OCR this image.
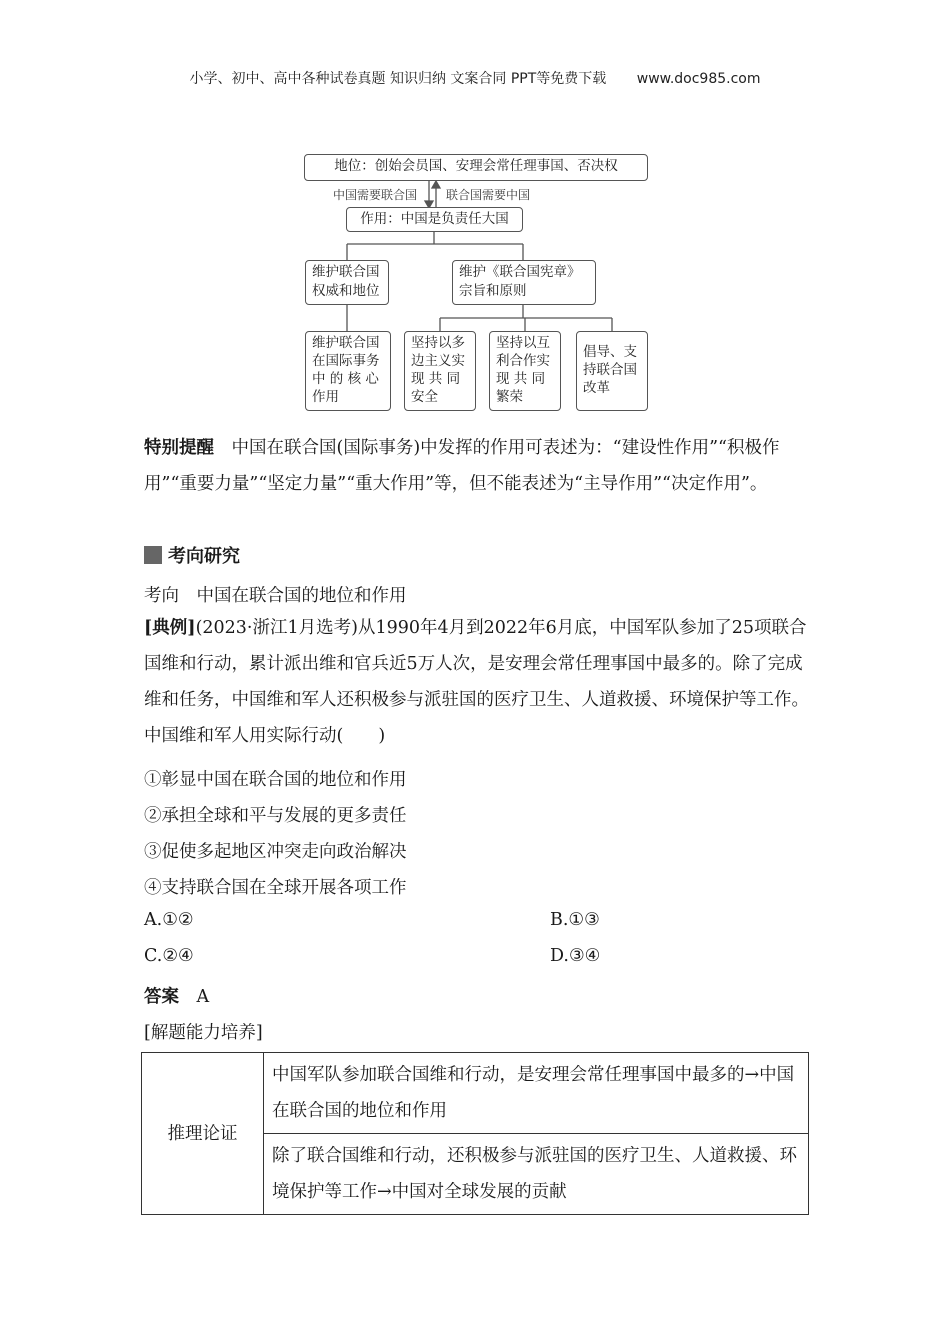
小学、初中、高中各种试卷真题 知识归纳 文案合同 PPT等免费下载 www.doc985.com
地位：创始会员国、安理会常任理事国、否决权
中国需要联合国 联合国需要中国
作用：中国是负责任大国
维护联合国
权威和地位
维护《联合国宪章》
宗旨和原则
维护联合国
在国际事务
中 的 核 心
作用
坚持以多
边主义实
现 共 同
安全
坚持以互
利合作实
现 共 同
繁荣
倡导、支
持联合国
改革
特别提醒　 中国在联合国(国际事务)中发挥的作用可表述为：“建设性作用”“积极作用”“重要力量”“坚定力量”“重大作用”等，但不能表述为“主导作用”“决定作用”。
考向研究
考向　中国在联合国的地位和作用
[典例](2023·浙江1月选考)从1990年4月到2022年6月底，中国军队参加了25项联合国维和行动，累计派出维和官兵近5万人次，是安理会常任理事国中最多的。除了完成维和任务，中国维和军人还积极参与派驻国的医疗卫生、人道救援、环境保护等工作。中国维和军人用实际行动(　　)
①彰显中国在联合国的地位和作用
②承担全球和平与发展的更多责任
③促使多起地区冲突走向政治解决
④支持联合国在全球开展各项工作
A.①②	B.①③
C.②④	D.③④
答案　 A
[解题能力培养]
推理论证	中国军队参加联合国维和行动，是安理会常任理事国中最多的→中国在联合国的地位和作用
除了联合国维和行动，还积极参与派驻国的医疗卫生、人道救援、环境保护等工作→中国对全球发展的贡献
